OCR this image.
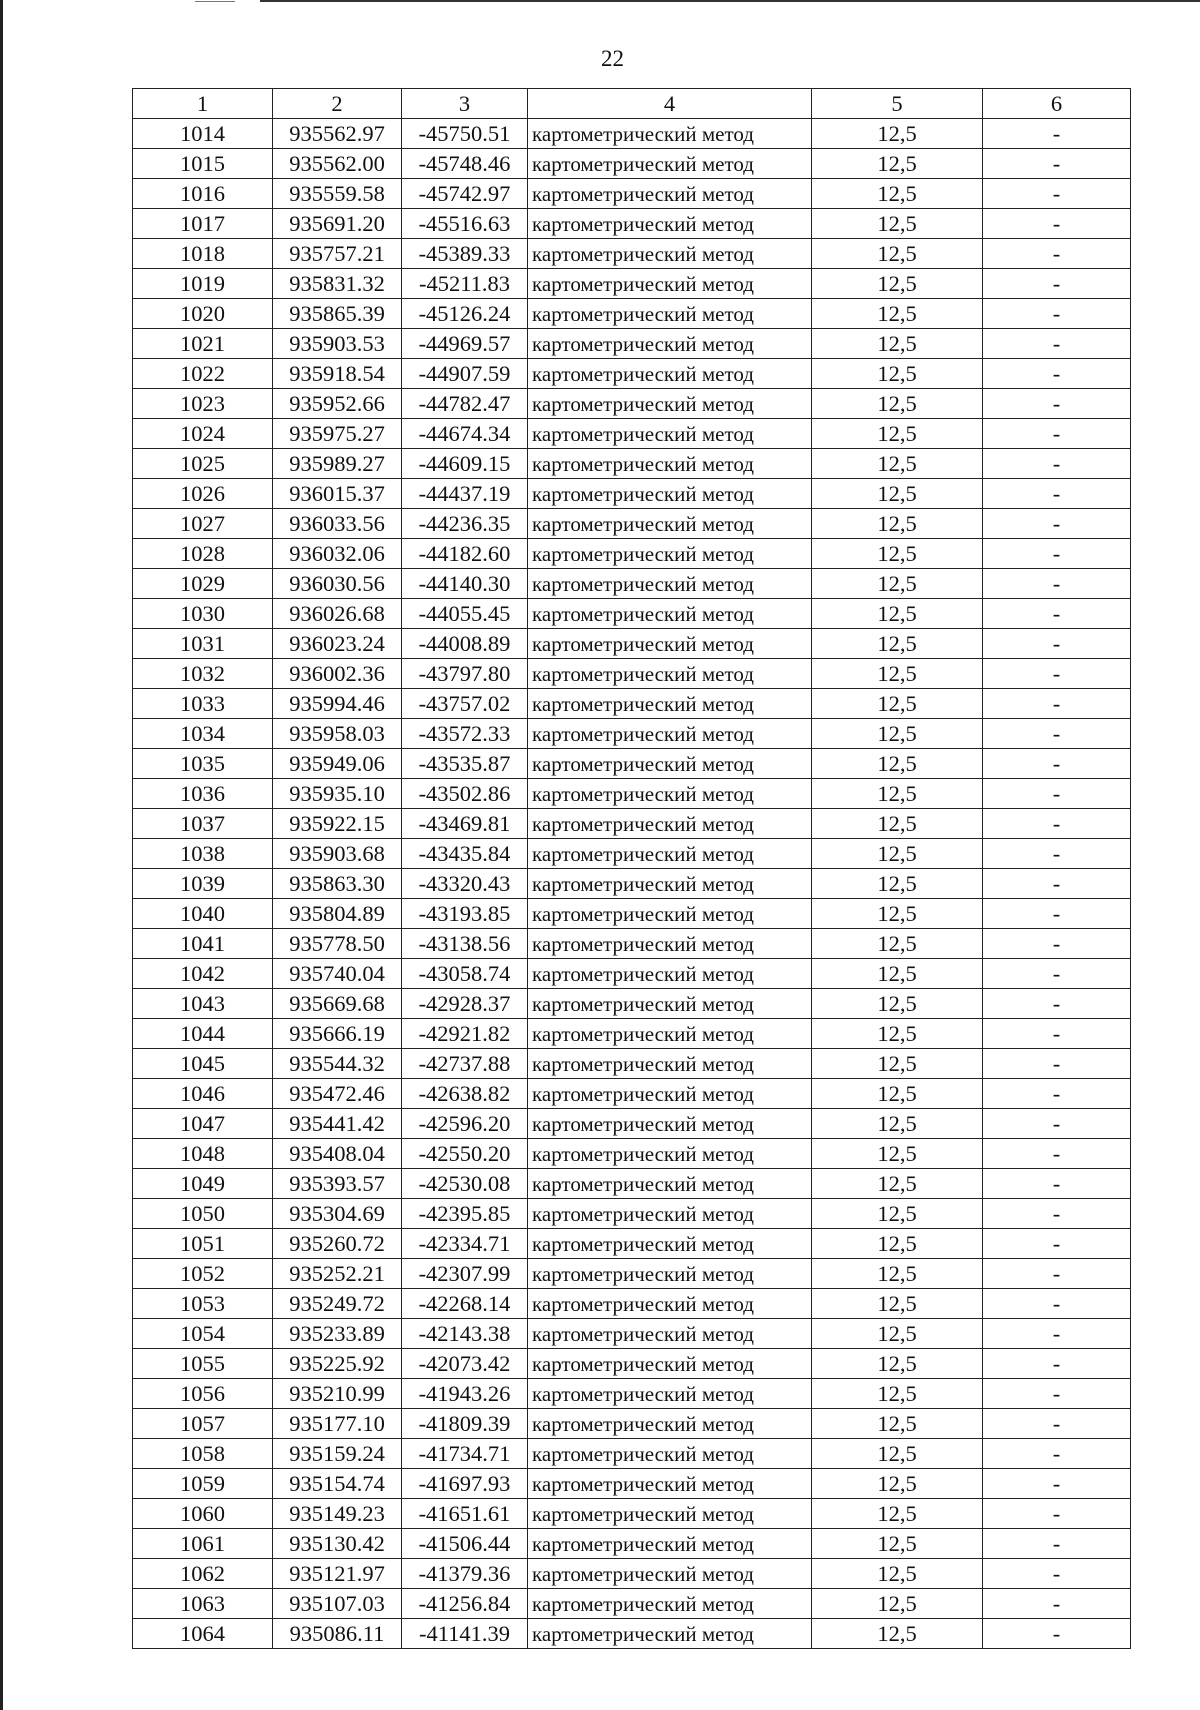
22
1	2	3	4	5	6
1014	935562.97	-45750.51	картометрический метод	12,5	-
1015	935562.00	-45748.46	картометрический метод	12,5	-
1016	935559.58	-45742.97	картометрический метод	12,5	-
1017	935691.20	-45516.63	картометрический метод	12,5	-
1018	935757.21	-45389.33	картометрический метод	12,5	-
1019	935831.32	-45211.83	картометрический метод	12,5	-
1020	935865.39	-45126.24	картометрический метод	12,5	-
1021	935903.53	-44969.57	картометрический метод	12,5	-
1022	935918.54	-44907.59	картометрический метод	12,5	-
1023	935952.66	-44782.47	картометрический метод	12,5	-
1024	935975.27	-44674.34	картометрический метод	12,5	-
1025	935989.27	-44609.15	картометрический метод	12,5	-
1026	936015.37	-44437.19	картометрический метод	12,5	-
1027	936033.56	-44236.35	картометрический метод	12,5	-
1028	936032.06	-44182.60	картометрический метод	12,5	-
1029	936030.56	-44140.30	картометрический метод	12,5	-
1030	936026.68	-44055.45	картометрический метод	12,5	-
1031	936023.24	-44008.89	картометрический метод	12,5	-
1032	936002.36	-43797.80	картометрический метод	12,5	-
1033	935994.46	-43757.02	картометрический метод	12,5	-
1034	935958.03	-43572.33	картометрический метод	12,5	-
1035	935949.06	-43535.87	картометрический метод	12,5	-
1036	935935.10	-43502.86	картометрический метод	12,5	-
1037	935922.15	-43469.81	картометрический метод	12,5	-
1038	935903.68	-43435.84	картометрический метод	12,5	-
1039	935863.30	-43320.43	картометрический метод	12,5	-
1040	935804.89	-43193.85	картометрический метод	12,5	-
1041	935778.50	-43138.56	картометрический метод	12,5	-
1042	935740.04	-43058.74	картометрический метод	12,5	-
1043	935669.68	-42928.37	картометрический метод	12,5	-
1044	935666.19	-42921.82	картометрический метод	12,5	-
1045	935544.32	-42737.88	картометрический метод	12,5	-
1046	935472.46	-42638.82	картометрический метод	12,5	-
1047	935441.42	-42596.20	картометрический метод	12,5	-
1048	935408.04	-42550.20	картометрический метод	12,5	-
1049	935393.57	-42530.08	картометрический метод	12,5	-
1050	935304.69	-42395.85	картометрический метод	12,5	-
1051	935260.72	-42334.71	картометрический метод	12,5	-
1052	935252.21	-42307.99	картометрический метод	12,5	-
1053	935249.72	-42268.14	картометрический метод	12,5	-
1054	935233.89	-42143.38	картометрический метод	12,5	-
1055	935225.92	-42073.42	картометрический метод	12,5	-
1056	935210.99	-41943.26	картометрический метод	12,5	-
1057	935177.10	-41809.39	картометрический метод	12,5	-
1058	935159.24	-41734.71	картометрический метод	12,5	-
1059	935154.74	-41697.93	картометрический метод	12,5	-
1060	935149.23	-41651.61	картометрический метод	12,5	-
1061	935130.42	-41506.44	картометрический метод	12,5	-
1062	935121.97	-41379.36	картометрический метод	12,5	-
1063	935107.03	-41256.84	картометрический метод	12,5	-
1064	935086.11	-41141.39	картометрический метод	12,5	-
